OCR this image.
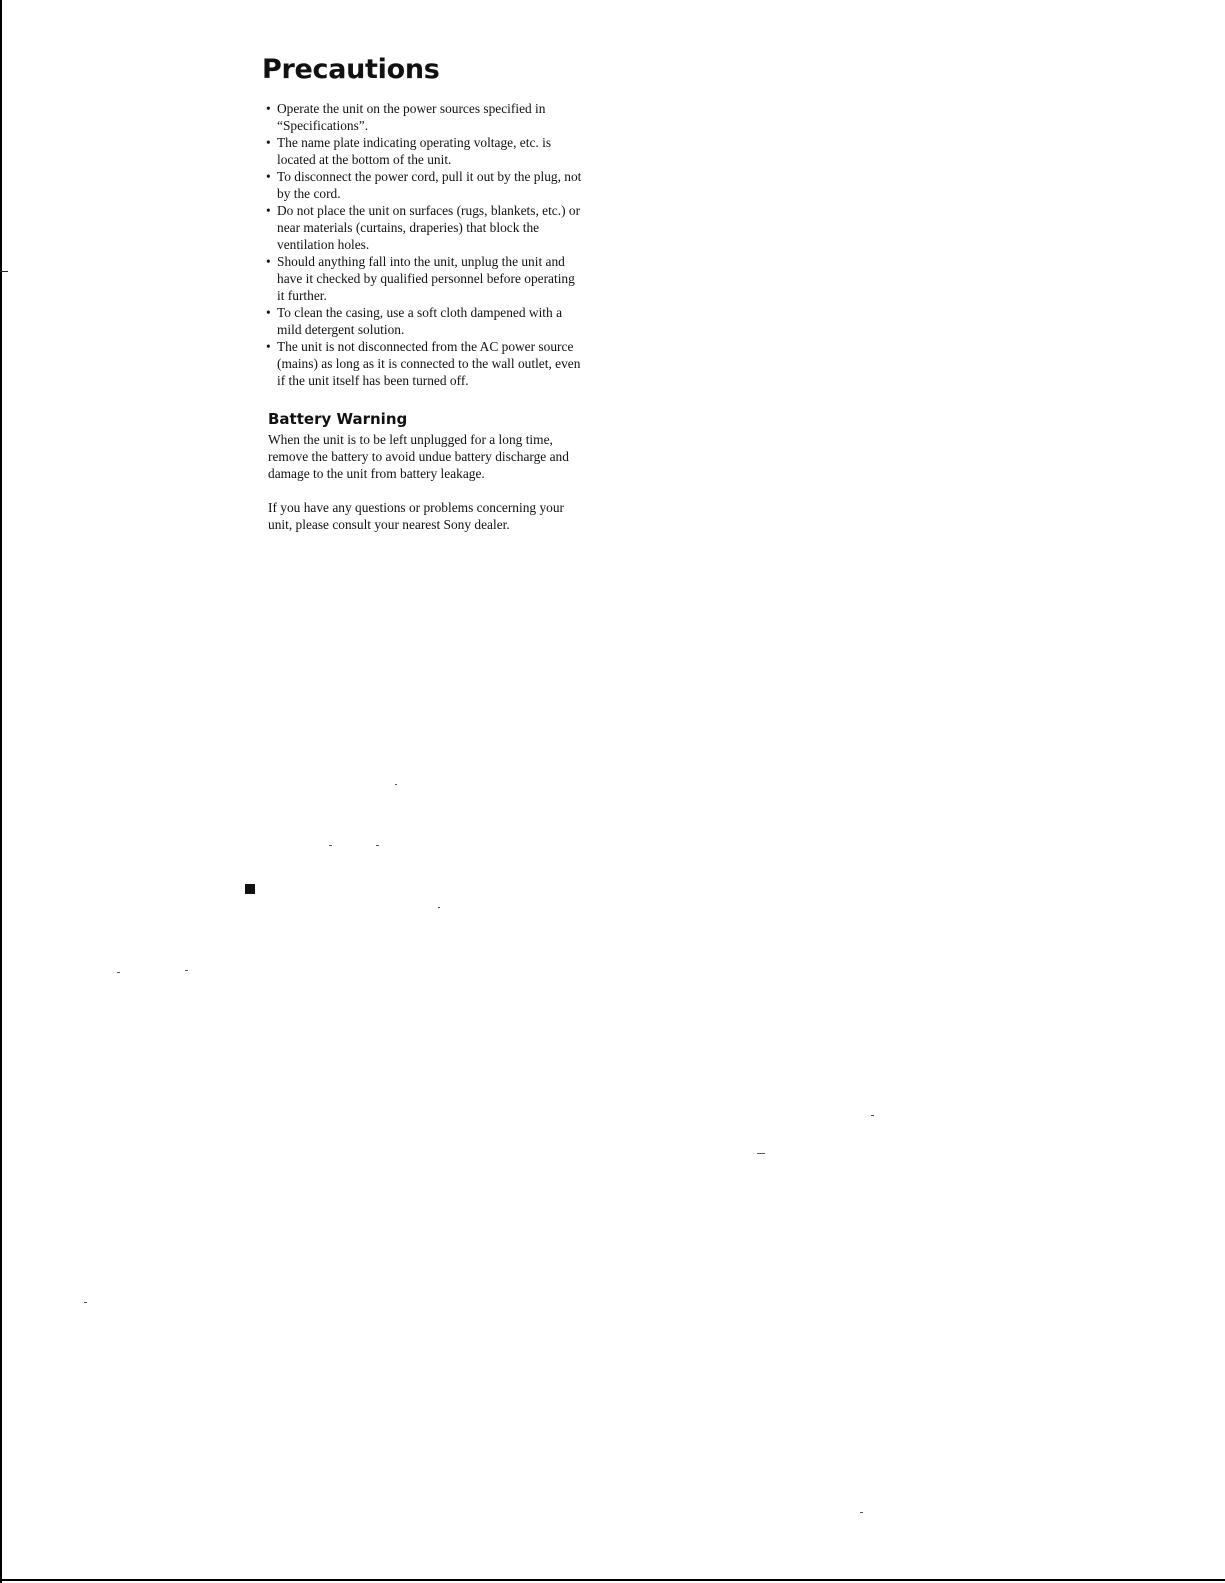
Precautions
• Operate the unit on the power sources specified in “Specifications”.
• The name plate indicating operating voltage, etc. is located at the bottom of the unit.
• To disconnect the power cord, pull it out by the plug, not by the cord.
• Do not place the unit on surfaces (rugs, blankets, etc.) or near materials (curtains, draperies) that block the ventilation holes.
• Should anything fall into the unit, unplug the unit and have it checked by qualified personnel before operating it further.
• To clean the casing, use a soft cloth dampened with a mild detergent solution.
• The unit is not disconnected from the AC power source (mains) as long as it is connected to the wall outlet, even if the unit itself has been turned off.
Battery Warning

When the unit is to be left unplugged for a long time, remove the battery to avoid undue battery discharge and damage to the unit from battery leakage.

If you have any questions or problems concerning your unit, please consult your nearest Sony dealer.
